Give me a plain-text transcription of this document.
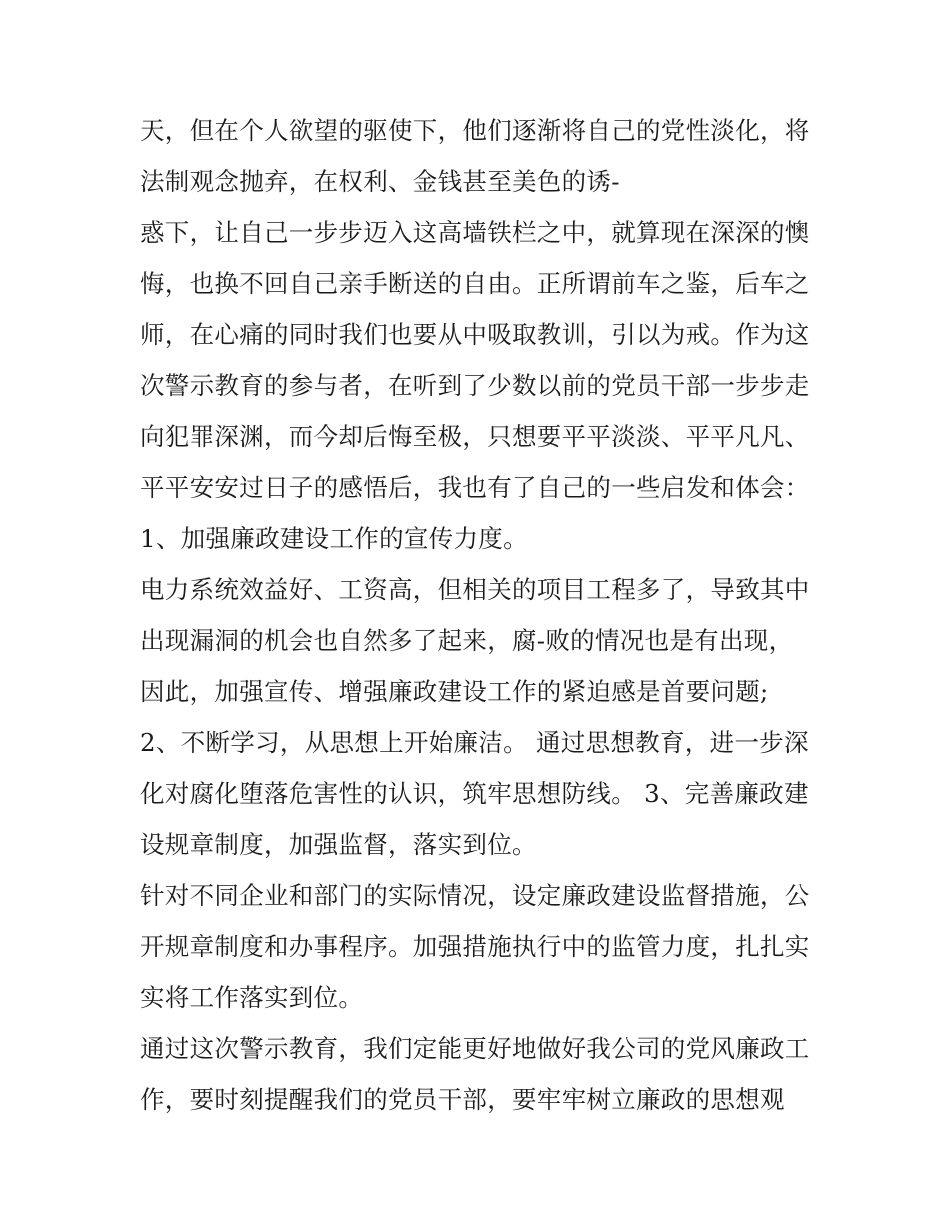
天，但在个人欲望的驱使下，他们逐渐将自己的党性淡化，将
法制观念抛弃，在权利、金钱甚至美色的诱-
惑下，让自己一步步迈入这高墙铁栏之中，就算现在深深的懊
悔，也换不回自己亲手断送的自由。正所谓前车之鉴，后车之
师，在心痛的同时我们也要从中吸取教训，引以为戒。作为这
次警示教育的参与者，在听到了少数以前的党员干部一步步走
向犯罪深渊，而今却后悔至极，只想要平平淡淡、平平凡凡、
平平安安过日子的感悟后，我也有了自己的一些启发和体会：
1、加强廉政建设工作的宣传力度。
电力系统效益好、工资高，但相关的项目工程多了，导致其中
出现漏洞的机会也自然多了起来，腐-败的情况也是有出现，
因此，加强宣传、增强廉政建设工作的紧迫感是首要问题;
2、不断学习，从思想上开始廉洁。 通过思想教育，进一步深
化对腐化堕落危害性的认识，筑牢思想防线。 3、完善廉政建
设规章制度，加强监督，落实到位。
针对不同企业和部门的实际情况，设定廉政建设监督措施，公
开规章制度和办事程序。加强措施执行中的监管力度，扎扎实
实将工作落实到位。
通过这次警示教育，我们定能更好地做好我公司的党风廉政工
作，要时刻提醒我们的党员干部，要牢牢树立廉政的思想观
